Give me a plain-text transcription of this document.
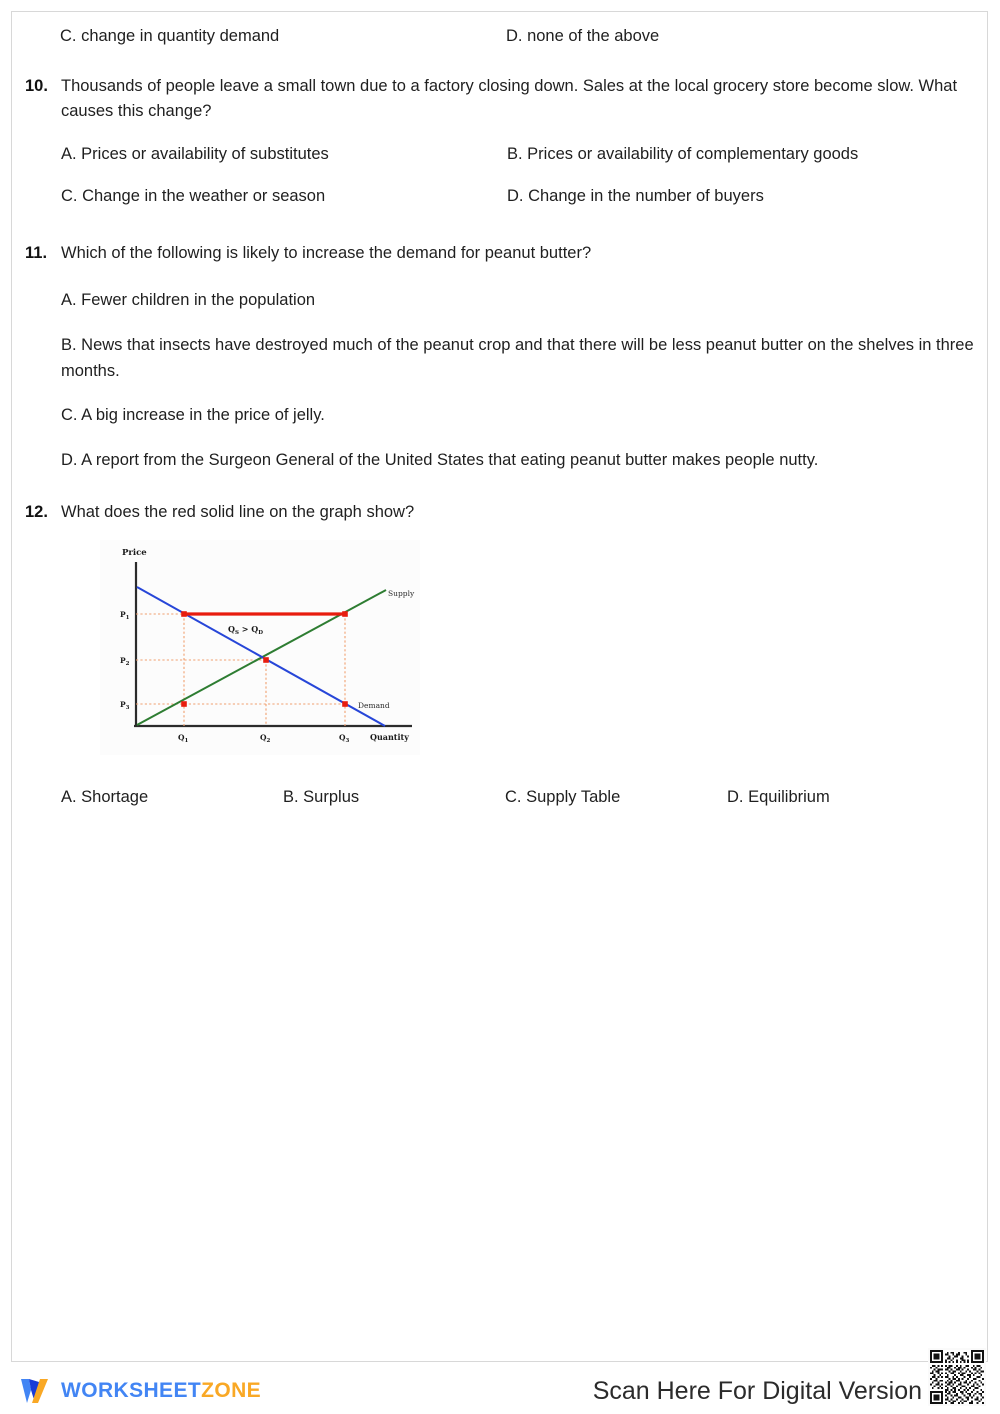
C. change in quantity demand	D. none of the above
10. Thousands of people leave a small town due to a factory closing down. Sales at the local grocery store become slow. What causes this change?
A. Prices or availability of substitutes	B. Prices or availability of complementary goods
C. Change in the weather or season	D. Change in the number of buyers
11. Which of the following is likely to increase the demand for peanut butter?
A. Fewer children in the population
B. News that insects have destroyed much of the peanut crop and that there will be less peanut butter on the shelves in three months.
C. A big increase in the price of jelly.
D. A report from the Surgeon General of the United States that eating peanut butter makes people nutty.
12. What does the red solid line on the graph show?
Price
$P_1$
$P_2$
$P_3$
$Q_1$	$Q_2$	$Q_3$	Quantity
Supply
Demand
$Q_S > Q_D$
A. Shortage	B. Surplus	C. Supply Table	D. Equilibrium
WORKSHEETZONE	Scan Here For Digital Version
